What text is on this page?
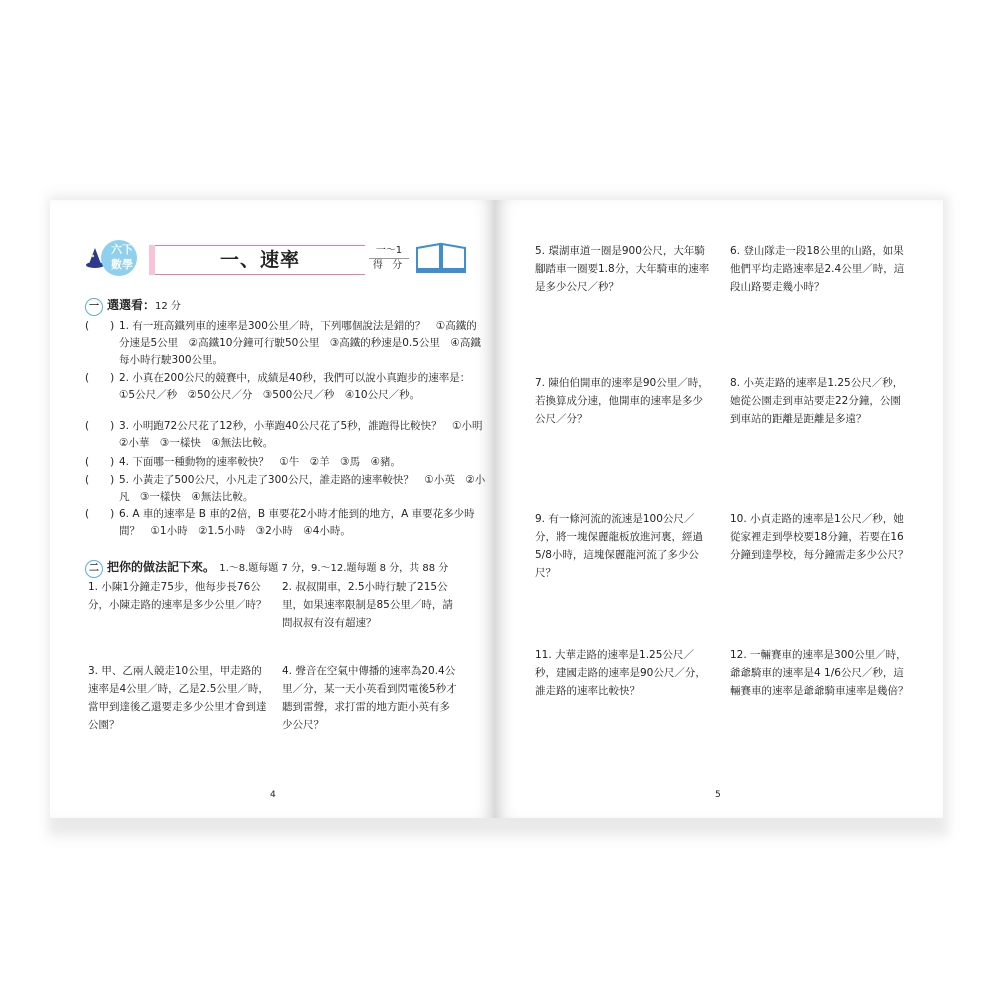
六下
數學	一、速率	一～1
得 分
一 選選看：12 分
(　　) 1. 有一班高鐵列車的速率是300公里／時，下列哪個說法是錯的？　①高鐵的分速是5公里　②高鐵10分鐘可行駛50公里　③高鐵的秒速是0.5公里　④高鐵每小時行駛300公里。
(　　) 2. 小真在200公尺的競賽中，成績是40秒，我們可以說小真跑步的速率是：　①5公尺／秒　②50公尺／分　③500公尺／秒　④10公尺／秒。
(　　) 3. 小明跑72公尺花了12秒，小華跑40公尺花了5秒，誰跑得比較快？　①小明　②小華　③一樣快　④無法比較。
(　　) 4. 下面哪一種動物的速率較快？　①牛　②羊　③馬　④豬。
(　　) 5. 小黃走了500公尺，小凡走了300公尺，誰走路的速率較快？　①小英　②小凡　③一樣快　④無法比較。
(　　) 6. A 車的速率是 B 車的2倍，B 車要花2小時才能到的地方，A 車要花多少時間？　①1小時　②1.5小時　③2小時　④4小時。
二 把你的做法記下來。 1.～8.題每題 7 分，9.～12.題每題 8 分，共 88 分
1. 小陳1分鐘走75步，他每步長76公分，小陳走路的速率是多少公里／時？
2. 叔叔開車，2.5小時行駛了215公里，如果速率限制是85公里／時，請問叔叔有沒有超速？
3. 甲、乙兩人競走10公里，甲走路的速率是4公里／時，乙是2.5公里／時，當甲到達後乙還要走多少公里才會到達公園？
4. 聲音在空氣中傳播的速率為20.4公里／分，某一天小英看到閃電後5秒才聽到雷聲，求打雷的地方距小英有多少公尺？
4
5. 環湖車道一圈是900公尺，大年騎腳踏車一圈要1.8分，大年騎車的速率是多少公尺／秒？
6. 登山隊走一段18公里的山路，如果他們平均走路速率是2.4公里／時，這段山路要走幾小時？
7. 陳伯伯開車的速率是90公里／時，若換算成分速，他開車的速率是多少公尺／分？
8. 小英走路的速率是1.25公尺／秒，她從公園走到車站要走22分鐘，公園到車站的距離是距離是多遠？
9. 有一條河流的流速是100公尺／分，將一塊保麗龍板放進河裏，經過5/8小時，這塊保麗龍河流了多少公尺？
10. 小貞走路的速率是1公尺／秒，她從家裡走到學校要18分鐘，若要在16分鐘到達學校，每分鐘需走多少公尺？
11. 大華走路的速率是1.25公尺／秒，建國走路的速率是90公尺／分，誰走路的速率比較快？
12. 一輛賽車的速率是300公里／時，爺爺騎車的速率是4 1/6公尺／秒，這輛賽車的速率是爺爺騎車速率是幾倍？
5
